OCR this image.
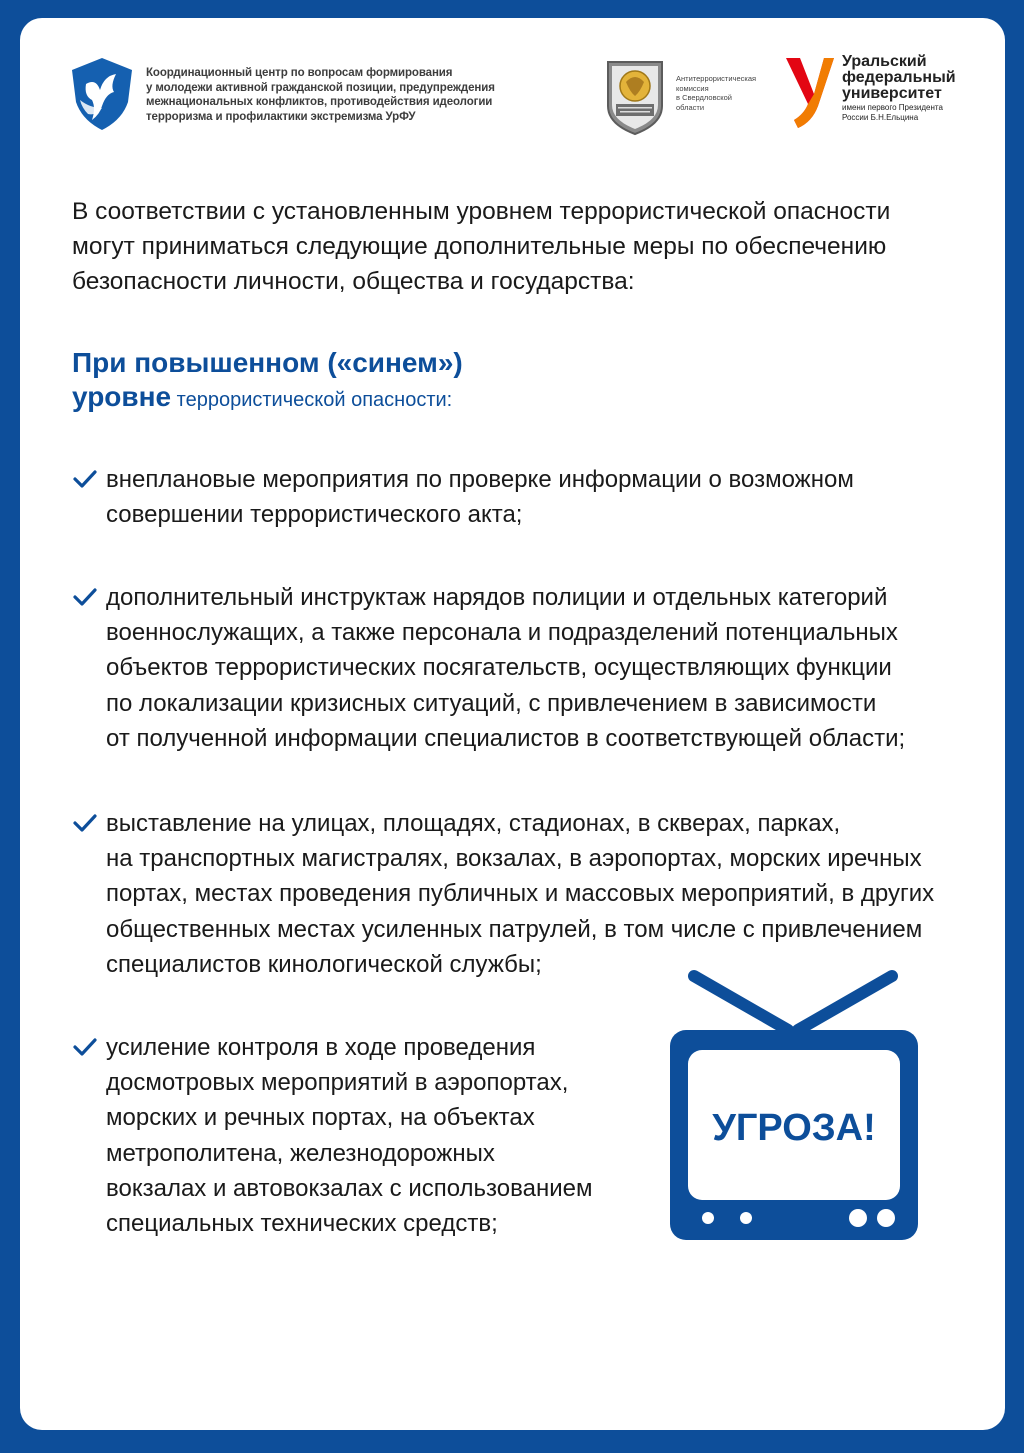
Координационный центр по вопросам формирования
у молодежи активной гражданской позиции, предупреждения
межнациональных конфликтов, противодействия идеологии
терроризма и профилактики экстремизма УрФУ
Антитеррористическая
комиссия
в Свердловской
области
Уральский
федеральный
университет
имени первого Президента
России Б.Н.Ельцина

В соответствии с установленным уровнем террористической опасности
могут приниматься следующие дополнительные меры по обеспечению
безопасности личности, общества и государства:

При повышенном («синем»)
уровне террористической опасности:
внеплановые мероприятия по проверке информации о возможном
совершении террористического акта;
дополнительный инструктаж нарядов полиции и отдельных категорий
военнослужащих, а также персонала и подразделений потенциальных
объектов террористических посягательств, осуществляющих функции
по локализации кризисных ситуаций, с привлечением в зависимости
от полученной информации специалистов в соответствующей области;
выставление на улицах, площадях, стадионах, в скверах, парках,
на транспортных магистралях, вокзалах, в аэропортах, морских иречных
портах, местах проведения публичных и массовых мероприятий, в других
общественных местах усиленных патрулей, в том числе с привлечением
специалистов кинологической службы;
усиление контроля в ходе проведения
досмотровых мероприятий в аэропортах,
морских и речных портах, на объектах
метрополитена, железнодорожных
вокзалах и автовокзалах с использованием
специальных технических средств;
УГРОЗА!
